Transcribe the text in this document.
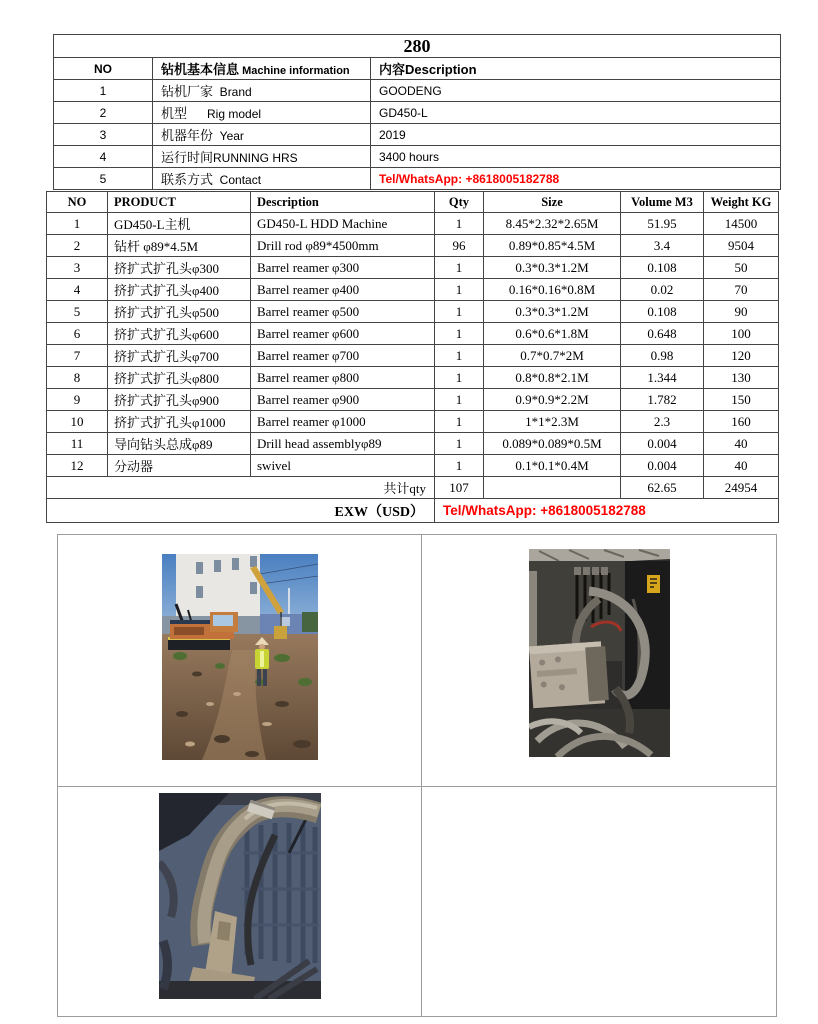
280		
NO	钻机基本信息 Machine information	内容Description
1	钻机厂家  Brand	GOODENG
2	机型      Rig model	GD450-L
3	机器年份  Year	2019
4	运行时间RUNNING HRS	3400 hours
5	联系方式  Contact	Tel/WhatsApp: +8618005182788
NO	PRODUCT	Description	Qty	Size	Volume M3	Weight KG
1	GD450-L主机	GD450-L HDD Machine	1	8.45*2.32*2.65M	51.95	14500
2	钻杆 φ89*4.5M	Drill rod φ89*4500mm	96	0.89*0.85*4.5M	3.4	9504
3	挤扩式扩孔头φ300	Barrel reamer φ300	1	0.3*0.3*1.2M	0.108	50
4	挤扩式扩孔头φ400	Barrel reamer φ400	1	0.16*0.16*0.8M	0.02	70
5	挤扩式扩孔头φ500	Barrel reamer φ500	1	0.3*0.3*1.2M	0.108	90
6	挤扩式扩孔头φ600	Barrel reamer φ600	1	0.6*0.6*1.8M	0.648	100
7	挤扩式扩孔头φ700	Barrel reamer φ700	1	0.7*0.7*2M	0.98	120
8	挤扩式扩孔头φ800	Barrel reamer φ800	1	0.8*0.8*2.1M	1.344	130
9	挤扩式扩孔头φ900	Barrel reamer φ900	1	0.9*0.9*2.2M	1.782	150
10	挤扩式扩孔头φ1000	Barrel reamer φ1000	1	1*1*2.3M	2.3	160
11	导向钻头总成φ89	Drill head assemblyφ89	1	0.089*0.089*0.5M	0.004	40
12	分动器	swivel	1	0.1*0.1*0.4M	0.004	40
共计qty			107		62.65	24954
EXW（USD）			Tel/WhatsApp: +8618005182788			
